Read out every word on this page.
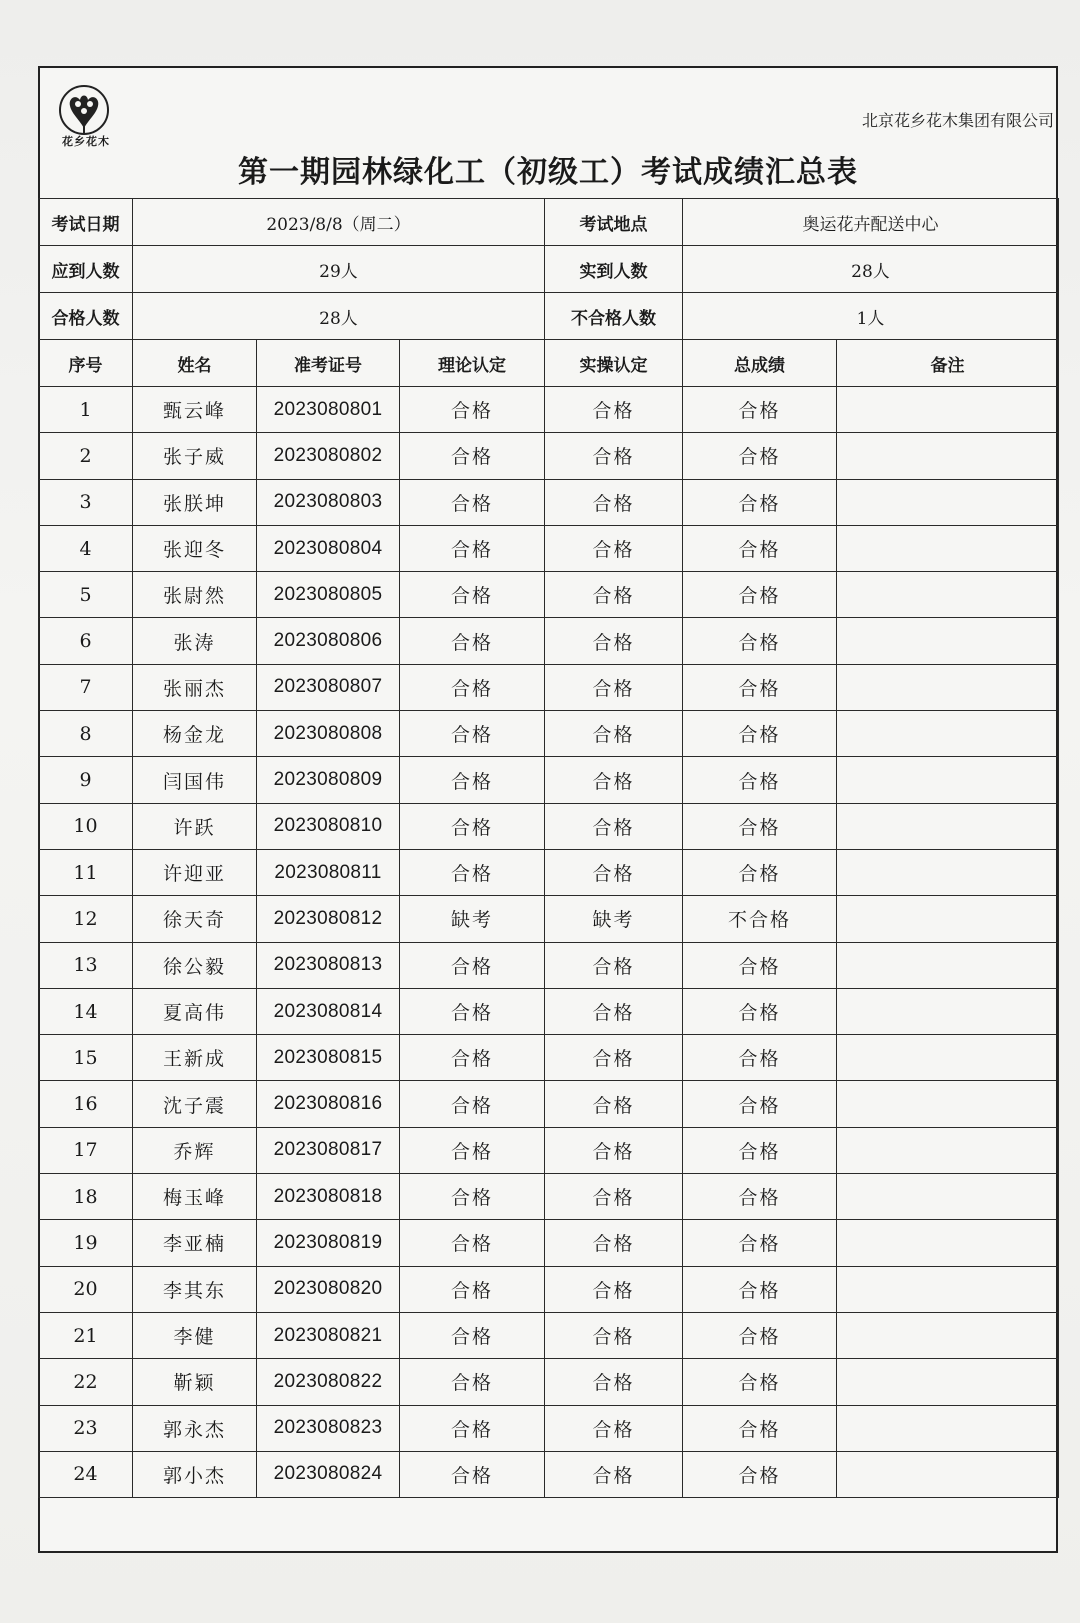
花乡花木
北京花乡花木集团有限公司
第一期园林绿化工（初级工）考试成绩汇总表
考试日期	2023/8/8（周二）			考试地点	奥运花卉配送中心	
应到人数	29人			实到人数	28人	
合格人数	28人			不合格人数	1人	
序号	姓名	准考证号	理论认定	实操认定	总成绩	备注
1	甄云峰	2023080801	合格	合格	合格	
2	张子威	2023080802	合格	合格	合格	
3	张朕坤	2023080803	合格	合格	合格	
4	张迎冬	2023080804	合格	合格	合格	
5	张尉然	2023080805	合格	合格	合格	
6	张涛	2023080806	合格	合格	合格	
7	张丽杰	2023080807	合格	合格	合格	
8	杨金龙	2023080808	合格	合格	合格	
9	闫国伟	2023080809	合格	合格	合格	
10	许跃	2023080810	合格	合格	合格	
11	许迎亚	2023080811	合格	合格	合格	
12	徐天奇	2023080812	缺考	缺考	不合格	
13	徐公毅	2023080813	合格	合格	合格	
14	夏高伟	2023080814	合格	合格	合格	
15	王新成	2023080815	合格	合格	合格	
16	沈子震	2023080816	合格	合格	合格	
17	乔辉	2023080817	合格	合格	合格	
18	梅玉峰	2023080818	合格	合格	合格	
19	李亚楠	2023080819	合格	合格	合格	
20	李其东	2023080820	合格	合格	合格	
21	李健	2023080821	合格	合格	合格	
22	靳颖	2023080822	合格	合格	合格	
23	郭永杰	2023080823	合格	合格	合格	
24	郭小杰	2023080824	合格	合格	合格	
